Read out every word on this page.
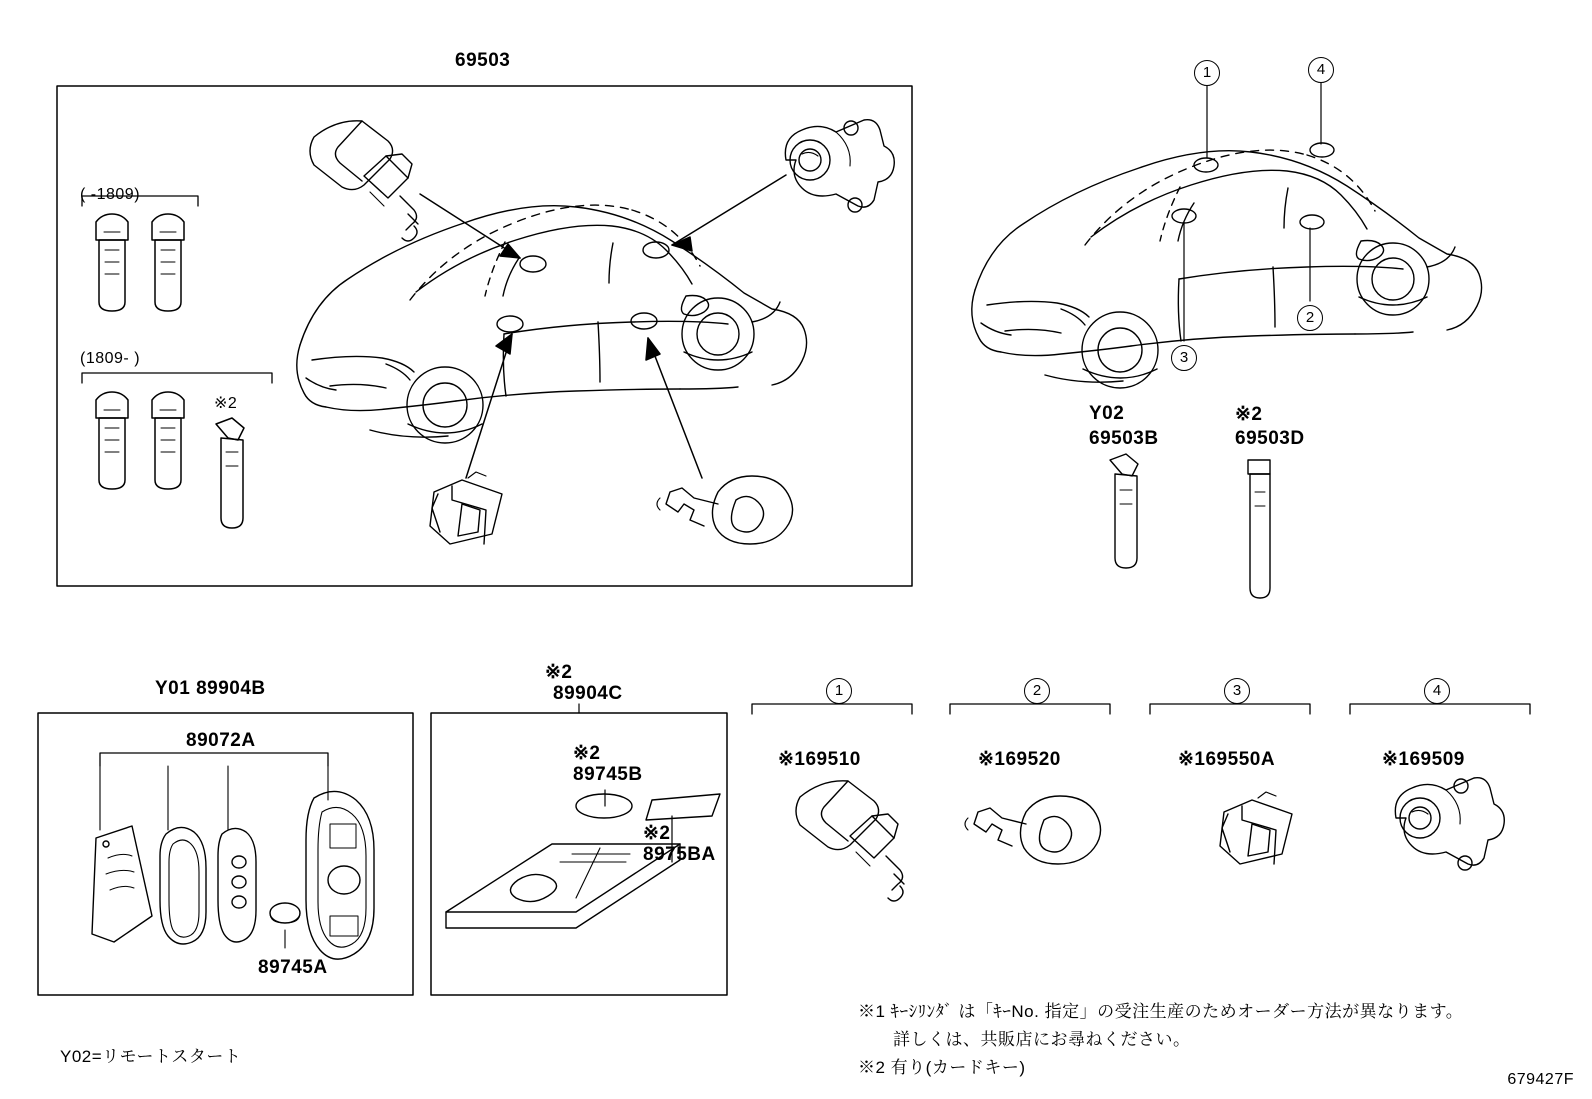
69503
( -1809)
(1809- )
※2	Y02
69503B
※2
69503D
Y01 89904B
89072A
89745A
※2
89904C
※2
89745B
※2
8975BA
※169510	※169520	※169550A	※169509
1	4
3
2
1	2	3	4
※1 ｷｰｼﾘﾝﾀﾞ は「ｷｰNo. 指定」の受注生産のためオーダー方法が異なります。
詳しくは、共販店にお尋ねください。
※2 有り(カードキー)
Y02=リモートスタート
679427F
